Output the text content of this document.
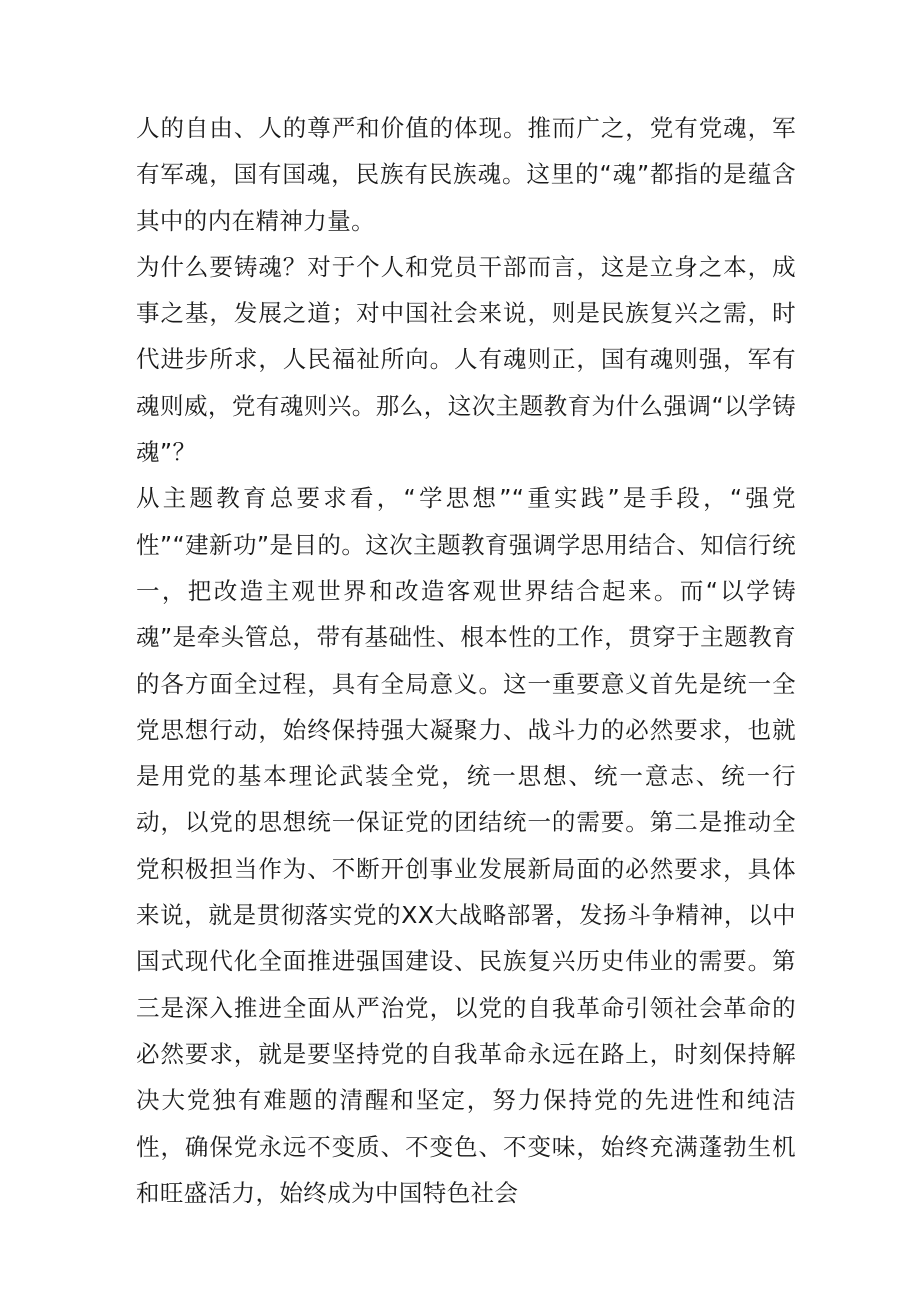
人的自由、人的尊严和价值的体现。推而广之，党有党魂，军有军魂，国有国魂，民族有民族魂。这里的“魂”都指的是蕴含其中的内在精神力量。

为什么要铸魂？对于个人和党员干部而言，这是立身之本，成事之基，发展之道；对中国社会来说，则是民族复兴之需，时代进步所求，人民福祉所向。人有魂则正，国有魂则强，军有魂则威，党有魂则兴。那么，这次主题教育为什么强调“以学铸魂”？

从主题教育总要求看，“学思想”“重实践”是手段，“强党性”“建新功”是目的。这次主题教育强调学思用结合、知信行统一，把改造主观世界和改造客观世界结合起来。而“以学铸魂”是牵头管总，带有基础性、根本性的工作，贯穿于主题教育的各方面全过程，具有全局意义。这一重要意义首先是统一全党思想行动，始终保持强大凝聚力、战斗力的必然要求，也就是用党的基本理论武装全党，统一思想、统一意志、统一行动，以党的思想统一保证党的团结统一的需要。第二是推动全党积极担当作为、不断开创事业发展新局面的必然要求，具体来说，就是贯彻落实党的XX大战略部署，发扬斗争精神，以中国式现代化全面推进强国建设、民族复兴历史伟业的需要。第三是深入推进全面从严治党，以党的自我革命引领社会革命的必然要求，就是要坚持党的自我革命永远在路上，时刻保持解决大党独有难题的清醒和坚定，努力保持党的先进性和纯洁性，确保党永远不变质、不变色、不变味，始终充满蓬勃生机和旺盛活力，始终成为中国特色社会
